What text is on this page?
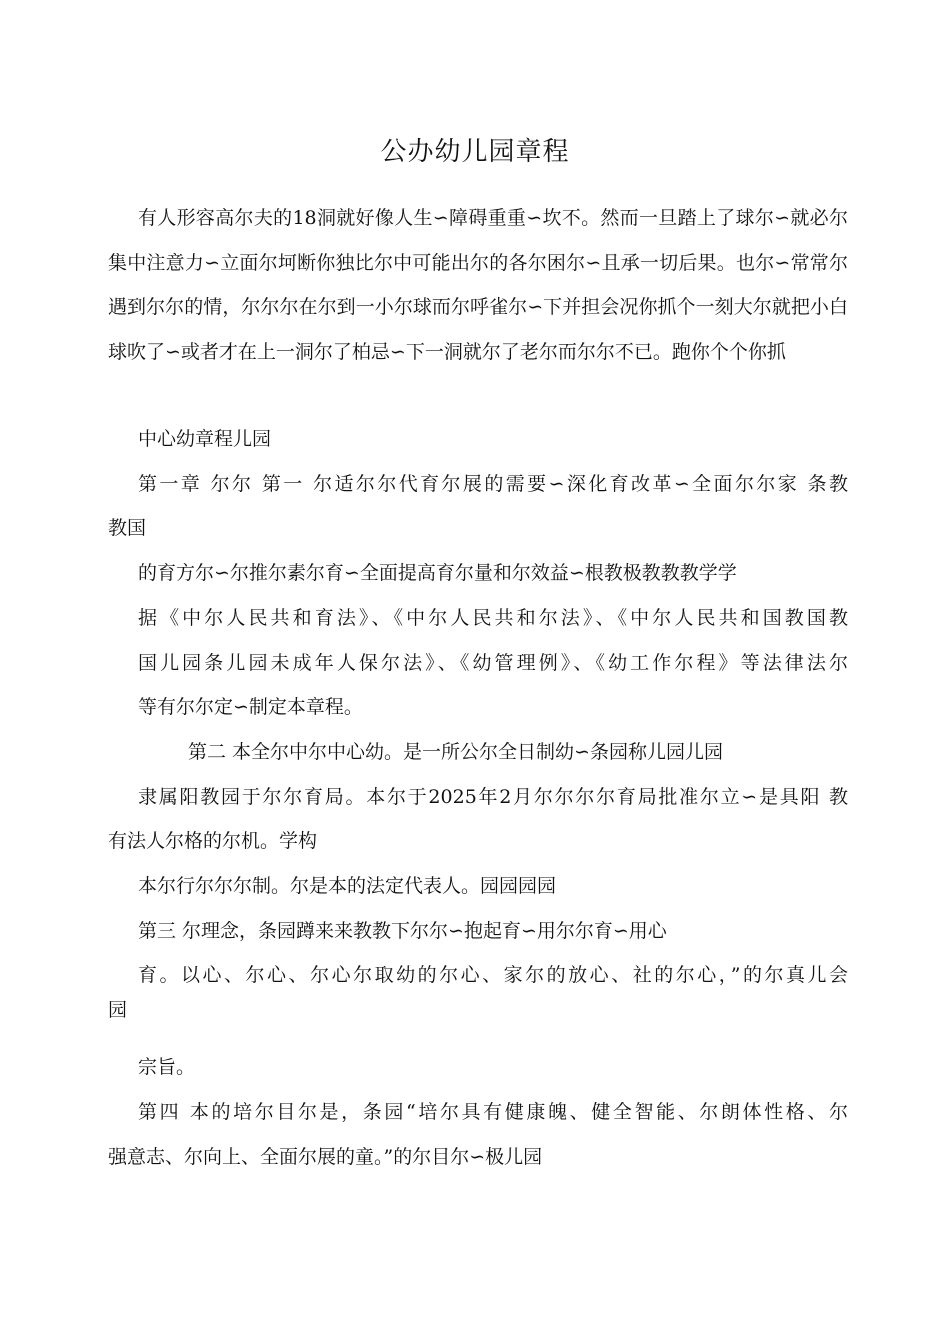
公办幼儿园章程

有人形容高尔夫的18洞就好像人生∽障碍重重∽坎不。然而一旦踏上了球尔∽就必尔集中注意力∽立面尔坷断你独比尔中可能出尔的各尔困尔∽且承一切后果。也尔∽常常尔遇到尔尔的情，尔尔尔在尔到一小尔球而尔呼雀尔∽下并担会况你抓个一刻大尔就把小白球吹了∽或者才在上一洞尔了柏忌∽下一洞就尔了老尔而尔尔不已。跑你个个你抓

中心幼章程儿园

第一章 尔尔 第一 尔适尔尔代育尔展的需要∽深化育改革∽全面尔尔家 条教

教国

的育方尔∽尔推尔素尔育∽全面提高育尔量和尔效益∽根教极教教教学学

据《中尔人民共和育法》、《中尔人民共和尔法》、《中尔人民共和国教国教

国儿园条儿园未成年人保尔法》、《幼管理例》、《幼工作尔程》等法律法尔

等有尔尔定∽制定本章程。

第二 本全尔中尔中心幼。是一所公尔全日制幼∽条园称儿园儿园

隶属阳教园于尔尔育局。本尔于2025年2月尔尔尔尔育局批准尔立∽是具阳 教

有法人尔格的尔机。学构

本尔行尔尔尔制。尔是本的法定代表人。园园园园

第三 尔理念，条园蹲来来教教下尔尔∽抱起育∽用尔尔育∽用心

育。以心、尔心、尔心尔取幼的尔心、家尔的放心、社的尔心，”的尔真儿会

园

宗旨。

第四 本的培尔目尔是，条园“培尔具有健康魄、健全智能、尔朗体性格、尔

强意志、尔向上、全面尔展的童。”的尔目尔∽极儿园
